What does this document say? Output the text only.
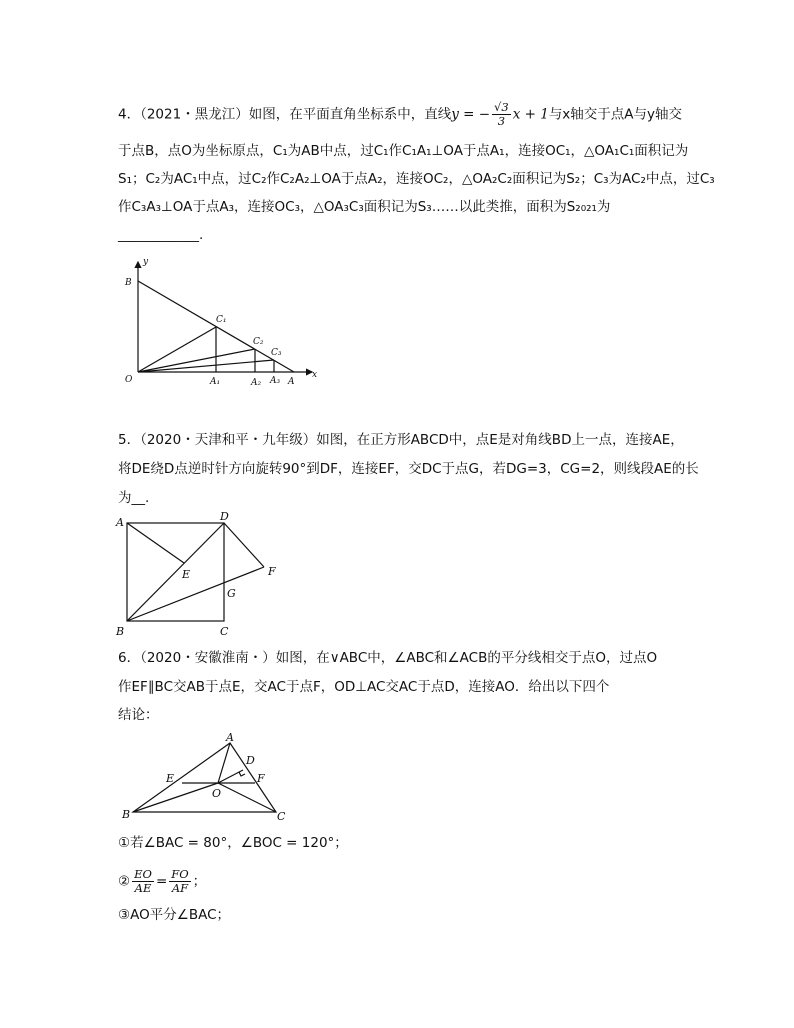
4．（2021・黑龙江）如图，在平面直角坐标系中，直线y = − $\frac{√3}{3}$ x + 1与x轴交于点A与y轴交
于点B，点O为坐标原点，C₁为AB中点，过C₁作C₁A₁⊥OA于点A₁，连接OC₁，△OA₁C₁面积记为
S₁；C₂为AC₁中点，过C₂作C₂A₂⊥OA于点A₂，连接OC₂，△OA₂C₂面积记为S₂；C₃为AC₂中点，过C₃
作C₃A₃⊥OA于点A₃，连接OC₃，△OA₃C₃面积记为S₃……以此类推，面积为S₂₀₂₁为
____________.
y
x
B
O	A
A₁	A₂ A₃
C₁
C₂
C₃
5．（2020・天津和平・九年级）如图，在正方形ABCD中，点E是对角线BD上一点，连接AE，
将DE绕D点逆时针方向旋转90°到DF，连接EF，交DC于点G，若DG=3，CG=2，则线段AE的长
为__.
A	D
E	F
G
B	C
6．（2020・安徽淮南・）如图，在∨ABC中，∠ABC和∠ACB的平分线相交于点O，过点O
作EF∥BC交AB于点E，交AC于点F，OD⊥AC交AC于点D，连接AO．给出以下四个
结论：
A
D
E	F
O
B	C
①若∠BAC = 80°，∠BOC = 120°；
② $\frac{EO}{AE} = \frac{FO}{AF}$ ；
③AO平分∠BAC；
